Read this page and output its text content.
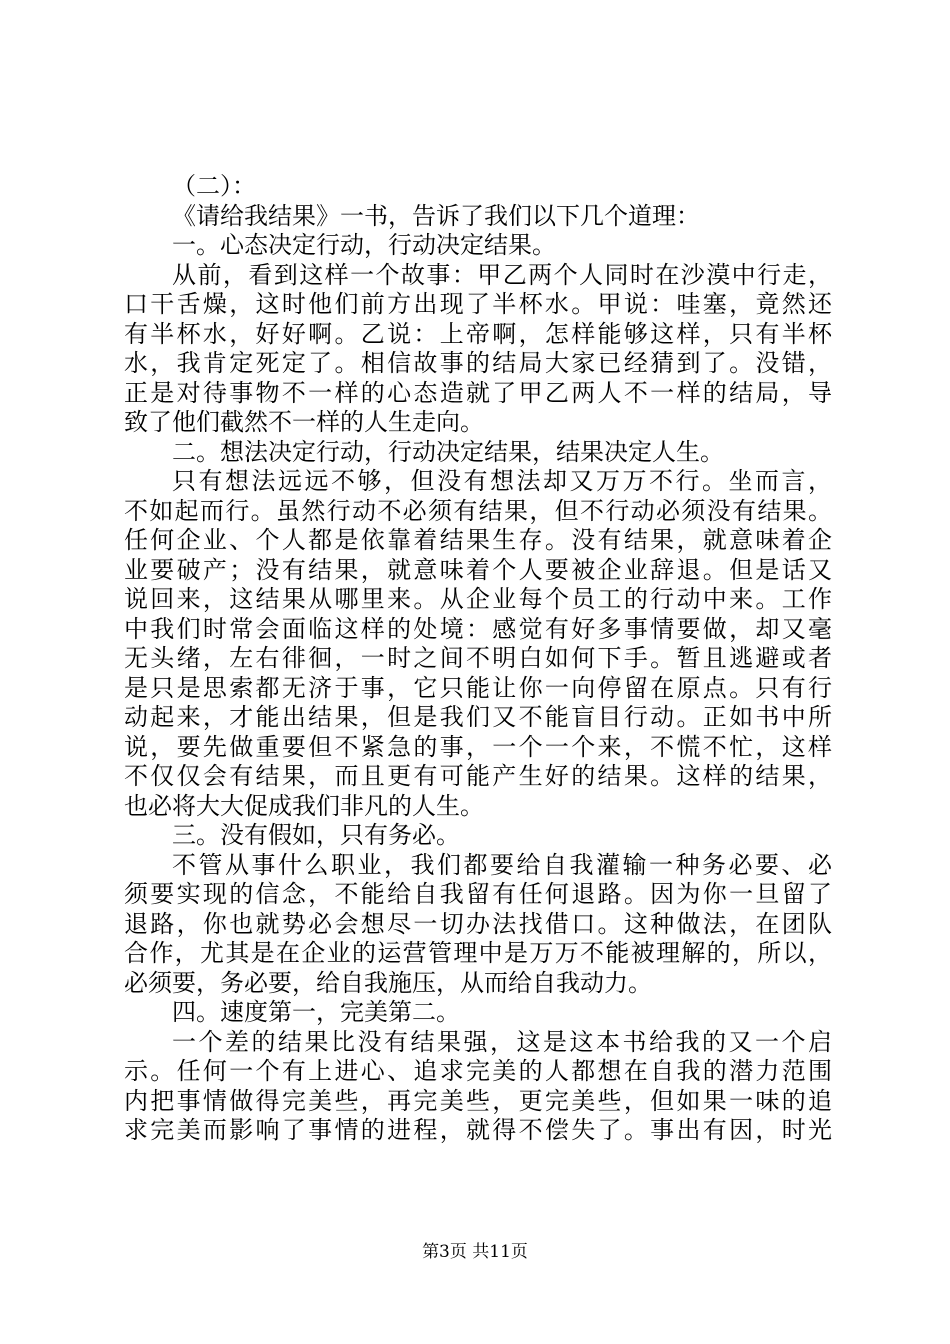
（二）：
《请给我结果》一书，告诉了我们以下几个道理：
一。心态决定行动，行动决定结果。
从前，看到这样一个故事：甲乙两个人同时在沙漠中行走，
口干舌燥，这时他们前方出现了半杯水。甲说：哇塞，竟然还
有半杯水，好好啊。乙说：上帝啊，怎样能够这样，只有半杯
水，我肯定死定了。相信故事的结局大家已经猜到了。没错，
正是对待事物不一样的心态造就了甲乙两人不一样的结局，导
致了他们截然不一样的人生走向。
二。想法决定行动，行动决定结果，结果决定人生。
只有想法远远不够，但没有想法却又万万不行。坐而言，
不如起而行。虽然行动不必须有结果，但不行动必须没有结果。
任何企业、个人都是依靠着结果生存。没有结果，就意味着企
业要破产；没有结果，就意味着个人要被企业辞退。但是话又
说回来，这结果从哪里来。从企业每个员工的行动中来。工作
中我们时常会面临这样的处境：感觉有好多事情要做，却又毫
无头绪，左右徘徊，一时之间不明白如何下手。暂且逃避或者
是只是思索都无济于事，它只能让你一向停留在原点。只有行
动起来，才能出结果，但是我们又不能盲目行动。正如书中所
说，要先做重要但不紧急的事，一个一个来，不慌不忙，这样
不仅仅会有结果，而且更有可能产生好的结果。这样的结果，
也必将大大促成我们非凡的人生。
三。没有假如，只有务必。
不管从事什么职业，我们都要给自我灌输一种务必要、必
须要实现的信念，不能给自我留有任何退路。因为你一旦留了
退路，你也就势必会想尽一切办法找借口。这种做法，在团队
合作，尤其是在企业的运营管理中是万万不能被理解的，所以，
必须要，务必要，给自我施压，从而给自我动力。
四。速度第一，完美第二。
一个差的结果比没有结果强，这是这本书给我的又一个启
示。任何一个有上进心、追求完美的人都想在自我的潜力范围
内把事情做得完美些，再完美些，更完美些，但如果一味的追
求完美而影响了事情的进程，就得不偿失了。事出有因，时光
第3页 共11页
